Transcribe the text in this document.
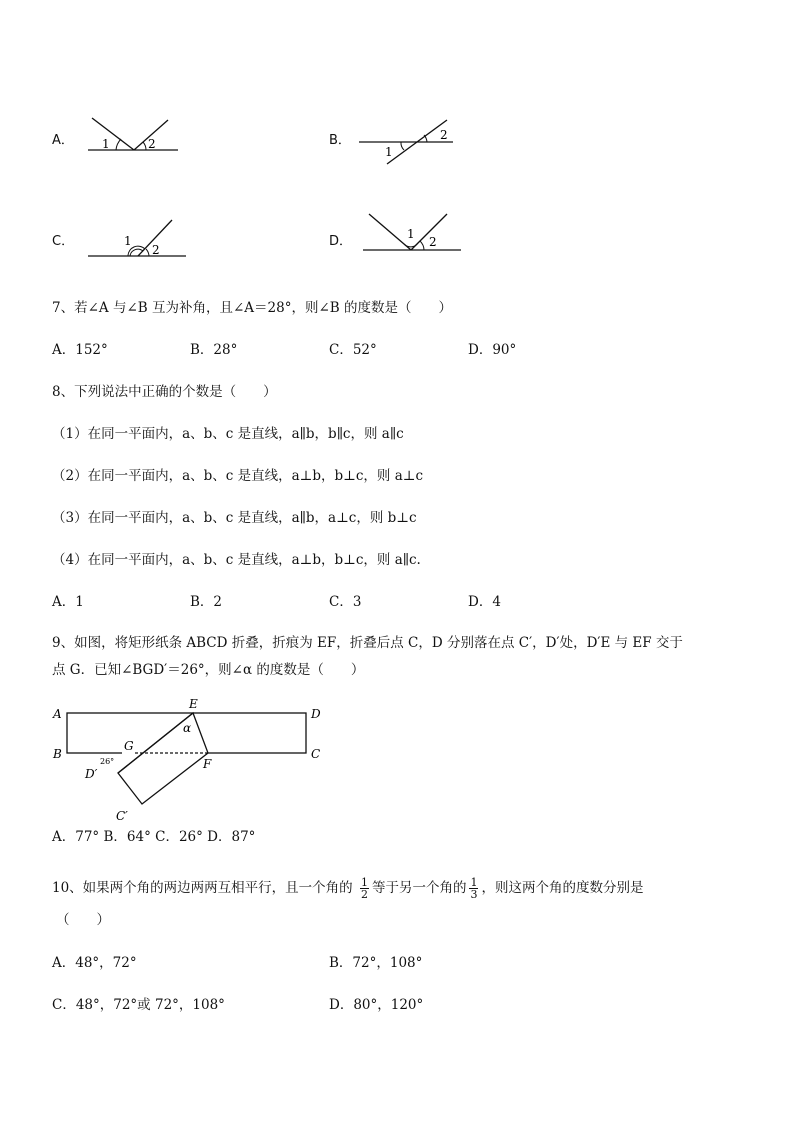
A． 1	2	B．
1
2
C．	1
2
D．	1
2
7、若∠A 与∠B 互为补角，且∠A＝28°，则∠B 的度数是（　　）
A．152°	B．28°	C．52°	D．90°
8、下列说法中正确的个数是（　　）
（1）在同一平面内，a、b、c 是直线，a∥b，b∥c，则 a∥c
（2）在同一平面内，a、b、c 是直线，a⊥b，b⊥c，则 a⊥c
（3）在同一平面内，a、b、c 是直线，a∥b，a⊥c，则 b⊥c
（4）在同一平面内，a、b、c 是直线，a⊥b，b⊥c，则 a∥c.
A．1	B．2	C．3	D．4
9、如图，将矩形纸条 ABCD 折叠，折痕为 EF，折叠后点 C，D 分别落在点 C′，D′处，D′E 与 EF 交于
点 G．已知∠BGD′＝26°，则∠α 的度数是（　　）
A
B	C
D
E
F
G
D′
C′
α
26°
A．77° B．64° C．26° D．87°
10、如果两个角的两边两两互相平行，且一个角的 $\frac{1}{2}$ 等于另一个角的 $\frac{1}{3}$ ，则这两个角的度数分别是
（　　）
A．48°，72°	B．72°，108°
C．48°，72°或 72°，108°	D．80°，120°
